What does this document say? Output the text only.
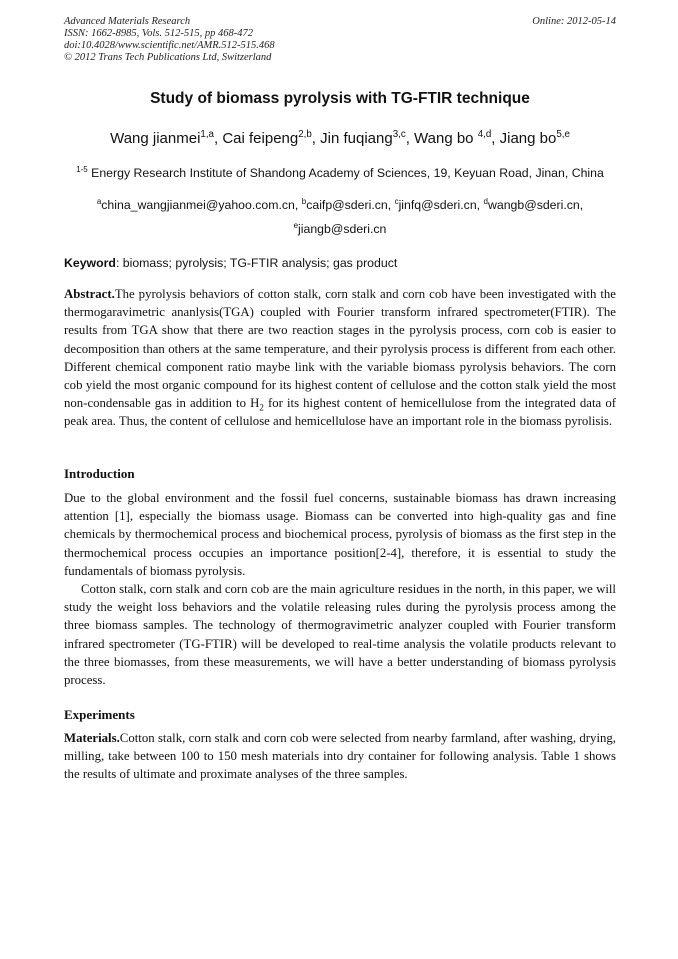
Advanced Materials Research
ISSN: 1662-8985, Vols. 512-515, pp 468-472
doi:10.4028/www.scientific.net/AMR.512-515.468
© 2012 Trans Tech Publications Ltd, Switzerland
Online: 2012-05-14
Study of biomass pyrolysis with TG-FTIR technique
Wang jianmei$^{1,a}$, Cai feipeng$^{2,b}$, Jin fuqiang$^{3,c}$, Wang bo $^{4,d}$, Jiang bo$^{5,e}$
$^{1-5}$ Energy Research Institute of Shandong Academy of Sciences, 19, Keyuan Road, Jinan, China
$^a$china_wangjianmei@yahoo.com.cn, $^b$caifp@sderi.cn, $^c$jinfq@sderi.cn, $^d$wangb@sderi.cn,
$^e$jiangb@sderi.cn
Keyword: biomass; pyrolysis; TG-FTIR analysis; gas product
Abstract.The pyrolysis behaviors of cotton stalk, corn stalk and corn cob have been investigated with the thermogaravimetric ananlysis(TGA) coupled with Fourier transform infrared spectrometer(FTIR). The results from TGA show that there are two reaction stages in the pyrolysis process, corn cob is easier to decomposition than others at the same temperature, and their pyrolysis process is different from each other. Different chemical component ratio maybe link with the variable biomass pyrolysis behaviors. The corn cob yield the most organic compound for its highest content of cellulose and the cotton stalk yield the most non-condensable gas in addition to $H_2$ for its highest content of hemicellulose from the integrated data of peak area. Thus, the content of cellulose and hemicellulose have an important role in the biomass pyrolisis.
Introduction
Due to the global environment and the fossil fuel concerns, sustainable biomass has drawn increasing attention [1], especially the biomass usage. Biomass can be converted into high-quality gas and fine chemicals by thermochemical process and biochemical process, pyrolysis of biomass as the first step in the thermochemical process occupies an importance position[2-4], therefore, it is essential to study the fundamentals of biomass pyrolysis.
Cotton stalk, corn stalk and corn cob are the main agriculture residues in the north, in this paper, we will study the weight loss behaviors and the volatile releasing rules during the pyrolysis process among the three biomass samples. The technology of thermogravimetric analyzer coupled with Fourier transform infrared spectrometer (TG-FTIR) will be developed to real-time analysis the volatile products relevant to the three biomasses, from these measurements, we will have a better understanding of biomass pyrolysis process.
Experiments
Materials.Cotton stalk, corn stalk and corn cob were selected from nearby farmland, after washing, drying, milling, take between 100 to 150 mesh materials into dry container for following analysis. Table 1 shows the results of ultimate and proximate analyses of the three samples.
